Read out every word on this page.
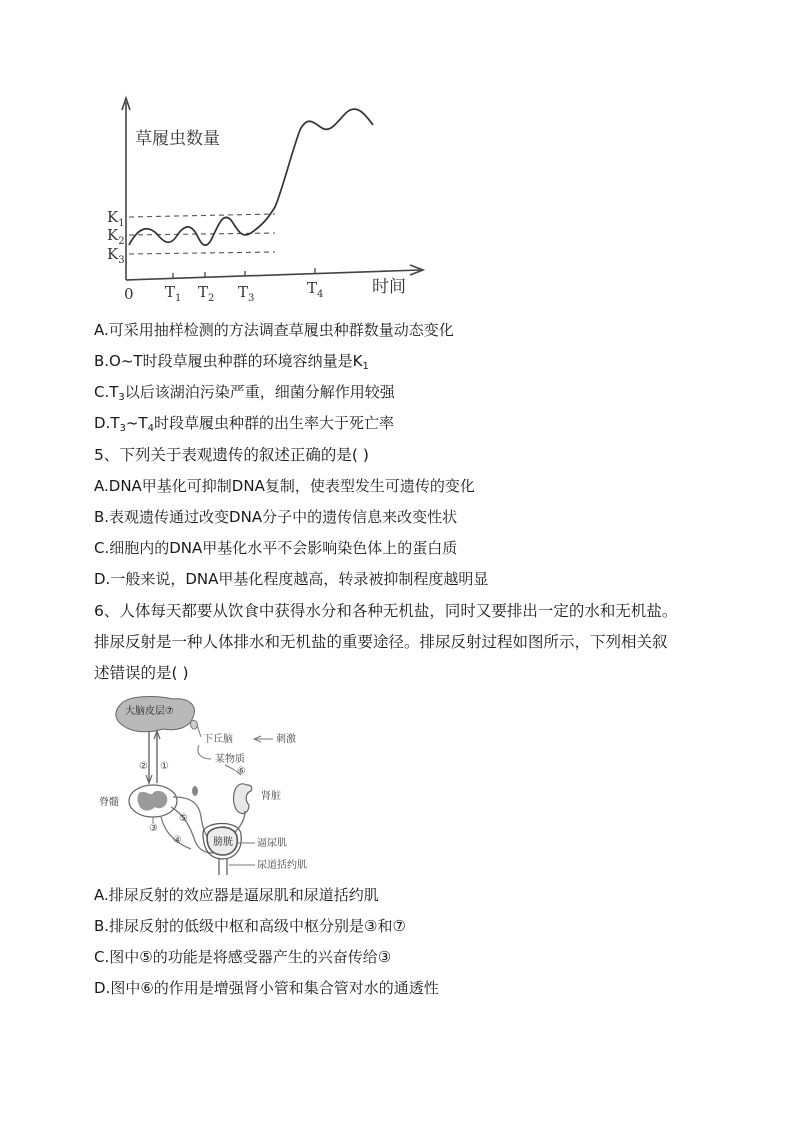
草履虫数量
时间
0
$K_1$
$K_2$
$K_3$
$T_1$ $T_2$ $T_3$
$T_4$
A.可采用抽样检测的方法调查草履虫种群数量动态变化
B.O~T时段草履虫种群的环境容纳量是$K_1$
$C.T_3$以后该湖泊污染严重，细菌分解作用较强
$D.T_3\sim T_4$时段草履虫种群的出生率大于死亡率
5、下列关于表观遗传的叙述正确的是( )
A.DNA甲基化可抑制DNA复制，使表型发生可遗传的变化
B.表观遗传通过改变DNA分子中的遗传信息来改变性状
C.细胞内的DNA甲基化水平不会影响染色体上的蛋白质
D.一般来说，DNA甲基化程度越高，转录被抑制程度越明显
6、人体每天都要从饮食中获得水分和各种无机盐，同时又要排出一定的水和无机盐。
排尿反射是一种人体排水和无机盐的重要途径。排尿反射过程如图所示，下列相关叙
述错误的是( )
大脑皮层⑦
② ①
下丘脑	刺激
某物质
⑥
肾脏
脊髓
③
⑤
④	膀胱 逼尿肌
尿道括约肌
A.排尿反射的效应器是逼尿肌和尿道括约肌
B.排尿反射的低级中枢和高级中枢分别是③和⑦
C.图中⑤的功能是将感受器产生的兴奋传给③
D.图中⑥的作用是增强肾小管和集合管对水的通透性
